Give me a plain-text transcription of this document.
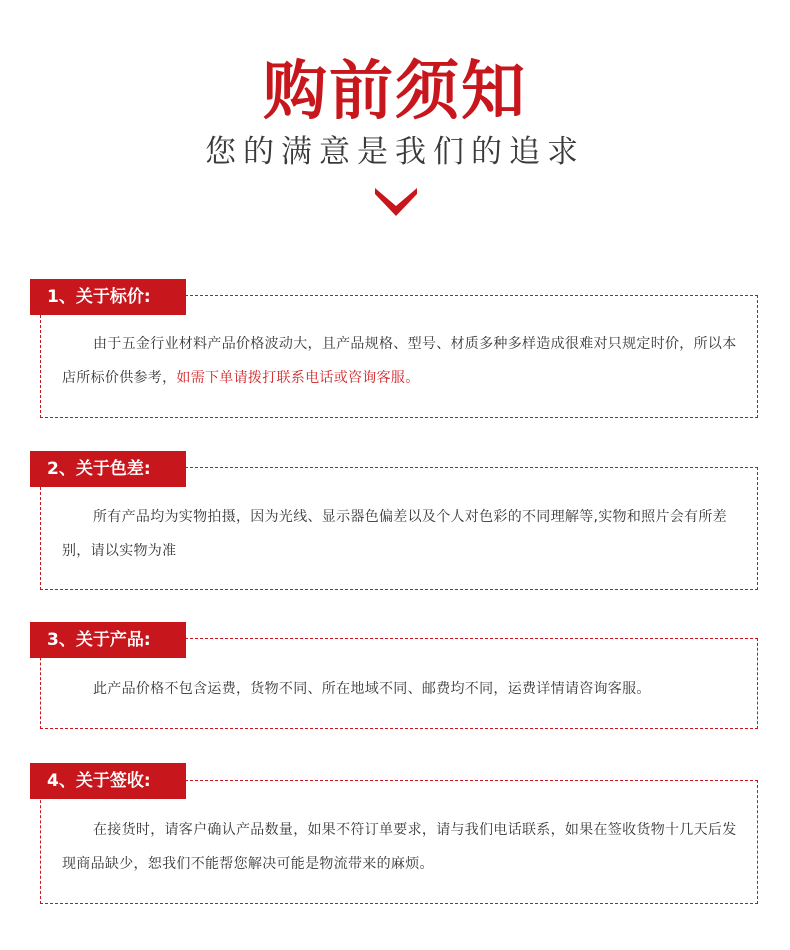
购前须知
您的满意是我们的追求
1、关于标价:
由于五金行业材料产品价格波动大，且产品规格、型号、材质多种多样造成很难对只规定时价，所以本店所标价供参考，如需下单请拨打联系电话或咨询客服。
2、关于色差:
所有产品均为实物拍摄，因为光线、显示器色偏差以及个人对色彩的不同理解等,实物和照片会有所差别，请以实物为准
3、关于产品:
此产品价格不包含运费，货物不同、所在地域不同、邮费均不同，运费详情请咨询客服。
4、关于签收:
在接货时，请客户确认产品数量，如果不符订单要求，请与我们电话联系，如果在签收货物十几天后发现商品缺少，恕我们不能帮您解决可能是物流带来的麻烦。
